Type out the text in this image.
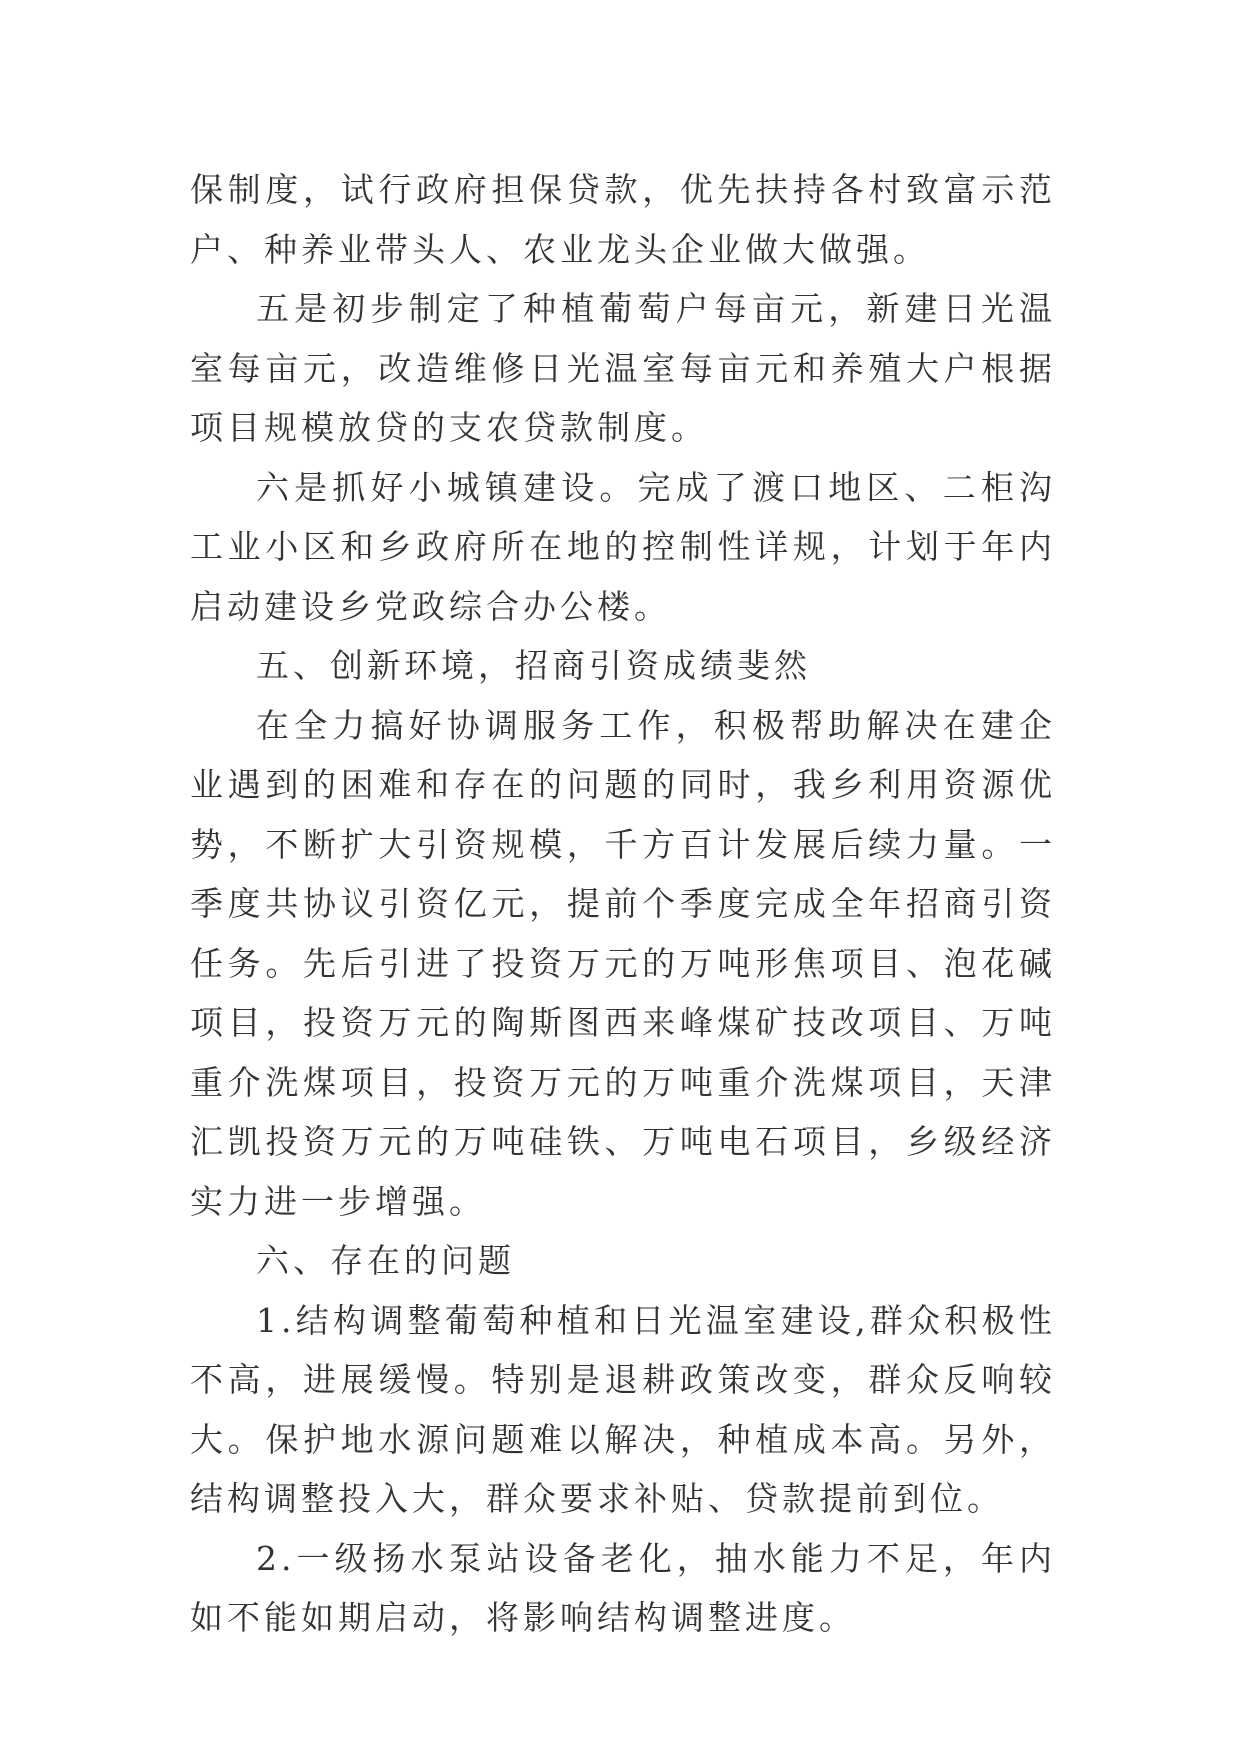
保制度，试行政府担保贷款，优先扶持各村致富示范户、种养业带头人、农业龙头企业做大做强。

五是初步制定了种植葡萄户每亩元，新建日光温室每亩元，改造维修日光温室每亩元和养殖大户根据项目规模放贷的支农贷款制度。

六是抓好小城镇建设。完成了渡口地区、二柜沟工业小区和乡政府所在地的控制性详规，计划于年内启动建设乡党政综合办公楼。

五、创新环境，招商引资成绩斐然

在全力搞好协调服务工作，积极帮助解决在建企业遇到的困难和存在的问题的同时，我乡利用资源优势，不断扩大引资规模，千方百计发展后续力量。一季度共协议引资亿元，提前个季度完成全年招商引资任务。先后引进了投资万元的万吨形焦项目、泡花碱项目，投资万元的陶斯图西来峰煤矿技改项目、万吨重介洗煤项目，投资万元的万吨重介洗煤项目，天津汇凯投资万元的万吨硅铁、万吨电石项目，乡级经济实力进一步增强。

六、存在的问题

1.结构调整葡萄种植和日光温室建设,群众积极性不高，进展缓慢。特别是退耕政策改变，群众反响较大。保护地水源问题难以解决，种植成本高。另外，结构调整投入大，群众要求补贴、贷款提前到位。

2.一级扬水泵站设备老化，抽水能力不足，年内如不能如期启动，将影响结构调整进度。
